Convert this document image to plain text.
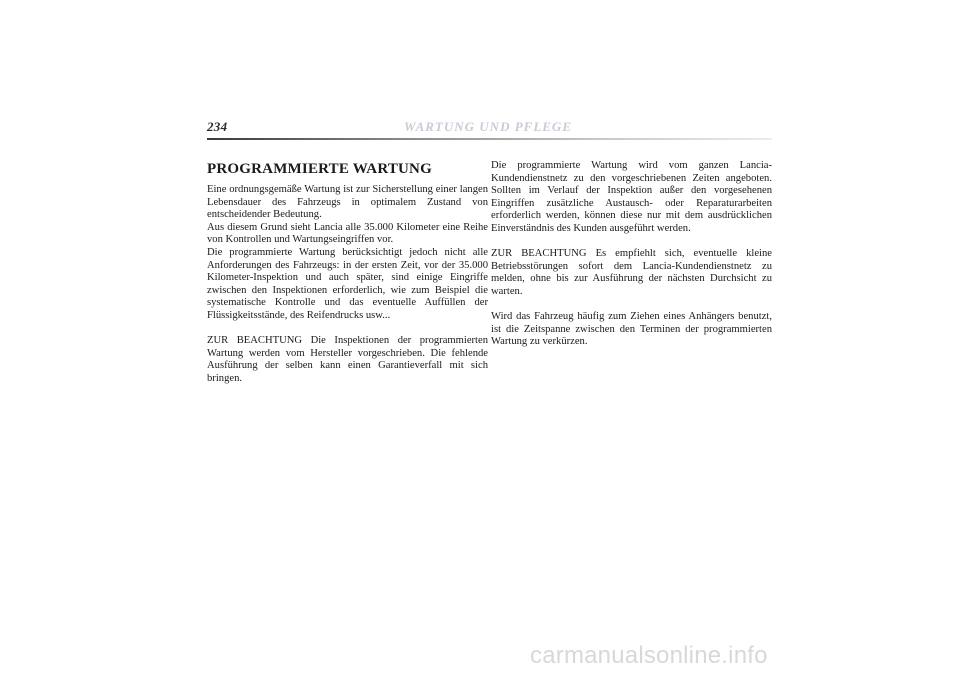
234	WARTUNG UND PFLEGE
PROGRAMMIERTE WARTUNG

Eine ordnungsgemäße Wartung ist zur Sicherstellung einer langen Lebensdauer des Fahrzeugs in optimalem Zustand von entscheidender Bedeutung.

Aus diesem Grund sieht Lancia alle 35.000 Kilometer eine Reihe von Kontrollen und Wartungseingriffen vor.

Die programmierte Wartung berücksichtigt jedoch nicht alle Anforderungen des Fahrzeugs: in der ersten Zeit, vor der 35.000 Kilometer-Inspektion und auch später, sind einige Eingriffe zwischen den Inspektionen erforderlich, wie zum Beispiel die systematische Kontrolle und das eventuelle Auffüllen der Flüssigkeitsstände, des Reifendrucks usw...

ZUR BEACHTUNG Die Inspektionen der programmierten Wartung werden vom Hersteller vorgeschrieben. Die fehlende Ausführung der selben kann einen Garantieverfall mit sich bringen.

Die programmierte Wartung wird vom ganzen Lancia-Kundendienstnetz zu den vorgeschriebenen Zeiten angeboten. Sollten im Verlauf der Inspektion außer den vorgesehenen Eingriffen zusätzliche Austausch- oder Reparaturarbeiten erforderlich werden, können diese nur mit dem ausdrücklichen Einverständnis des Kunden ausgeführt werden.

ZUR BEACHTUNG Es empfiehlt sich, eventuelle kleine Betriebsstörungen sofort dem Lancia-Kundendienstnetz zu melden, ohne bis zur Ausführung der nächsten Durchsicht zu warten.

Wird das Fahrzeug häufig zum Ziehen eines Anhängers benutzt, ist die Zeitspanne zwischen den Terminen der programmierten Wartung zu verkürzen.

carmanualsonline.info
